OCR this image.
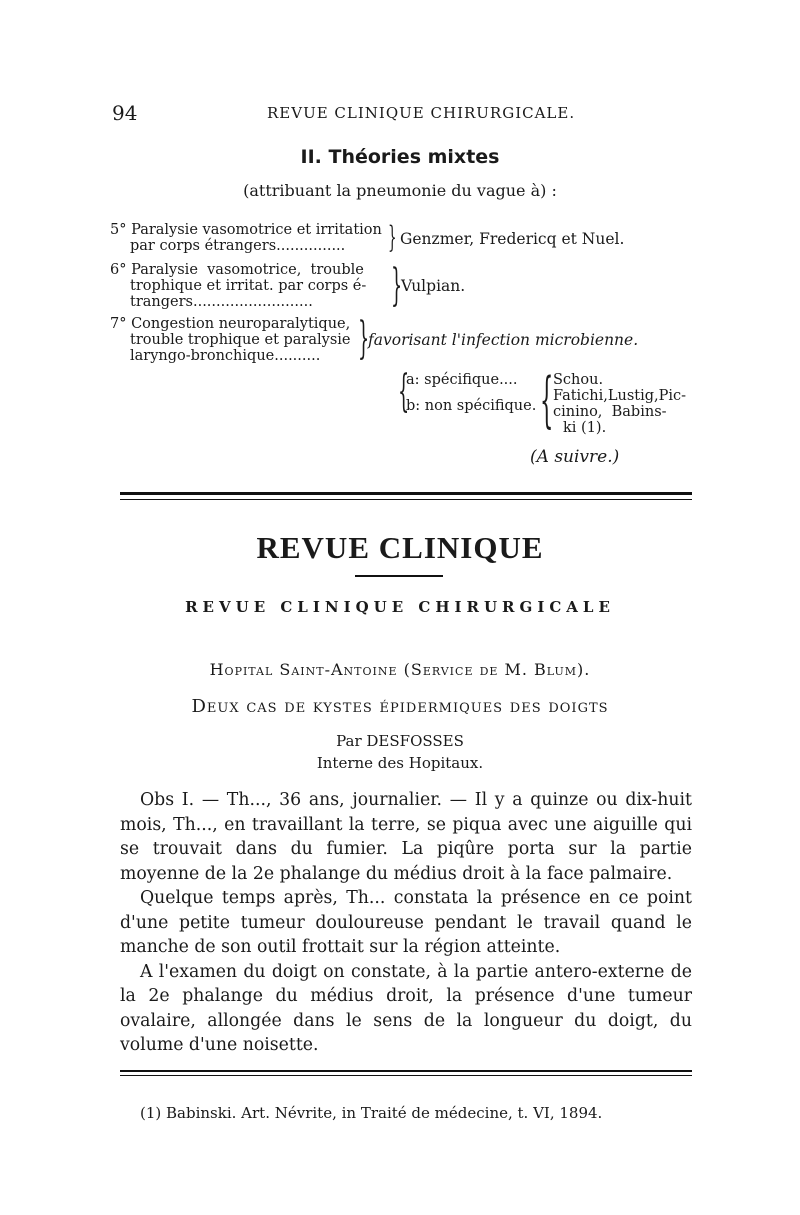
94	REVUE CLINIQUE CHIRURGICALE.
II. Théories mixtes
(attribuant la pneumonie du vague à) :
5° Paralysie vasomotrice et irritation
par corps étrangers............... } Genzmer, Fredericq et Nuel.
6° Paralysie  vasomotrice,  trouble
trophique et irritat. par corps é-
trangers.......................... }
Vulpian.
7° Congestion neuroparalytique,
trouble trophique et paralysie
laryngo-bronchique.......... }
favorisant l'infection microbienne.
{
a: spécifique....
b: non spécifique. { Schou.
Fatichi,Lustig,Pic-
cinino,  Babins-
ki (1).
(A suivre.)
REVUE CLINIQUE
REVUE CLINIQUE CHIRURGICALE
Hopital Saint-Antoine (Service de M. Blum).
Deux cas de kystes épidermiques des doigts
Par DESFOSSES
Interne des Hopitaux.

Obs I. — Th..., 36 ans, journalier. — Il y a quinze ou dix-huit mois, Th..., en travaillant la terre, se piqua avec une aiguille qui se trouvait dans du fumier. La piqûre porta sur la partie moyenne de la 2e phalange du médius droit à la face palmaire.

Quelque temps après, Th... constata la présence en ce point d'une petite tumeur douloureuse pendant le travail quand le manche de son outil frottait sur la région atteinte.

A l'examen du doigt on constate, à la partie antero-externe de la 2e phalange du médius droit, la présence d'une tumeur ovalaire, allongée dans le sens de la longueur du doigt, du volume d'une noisette.

(1) Babinski. Art. Névrite, in Traité de médecine, t. VI, 1894.
